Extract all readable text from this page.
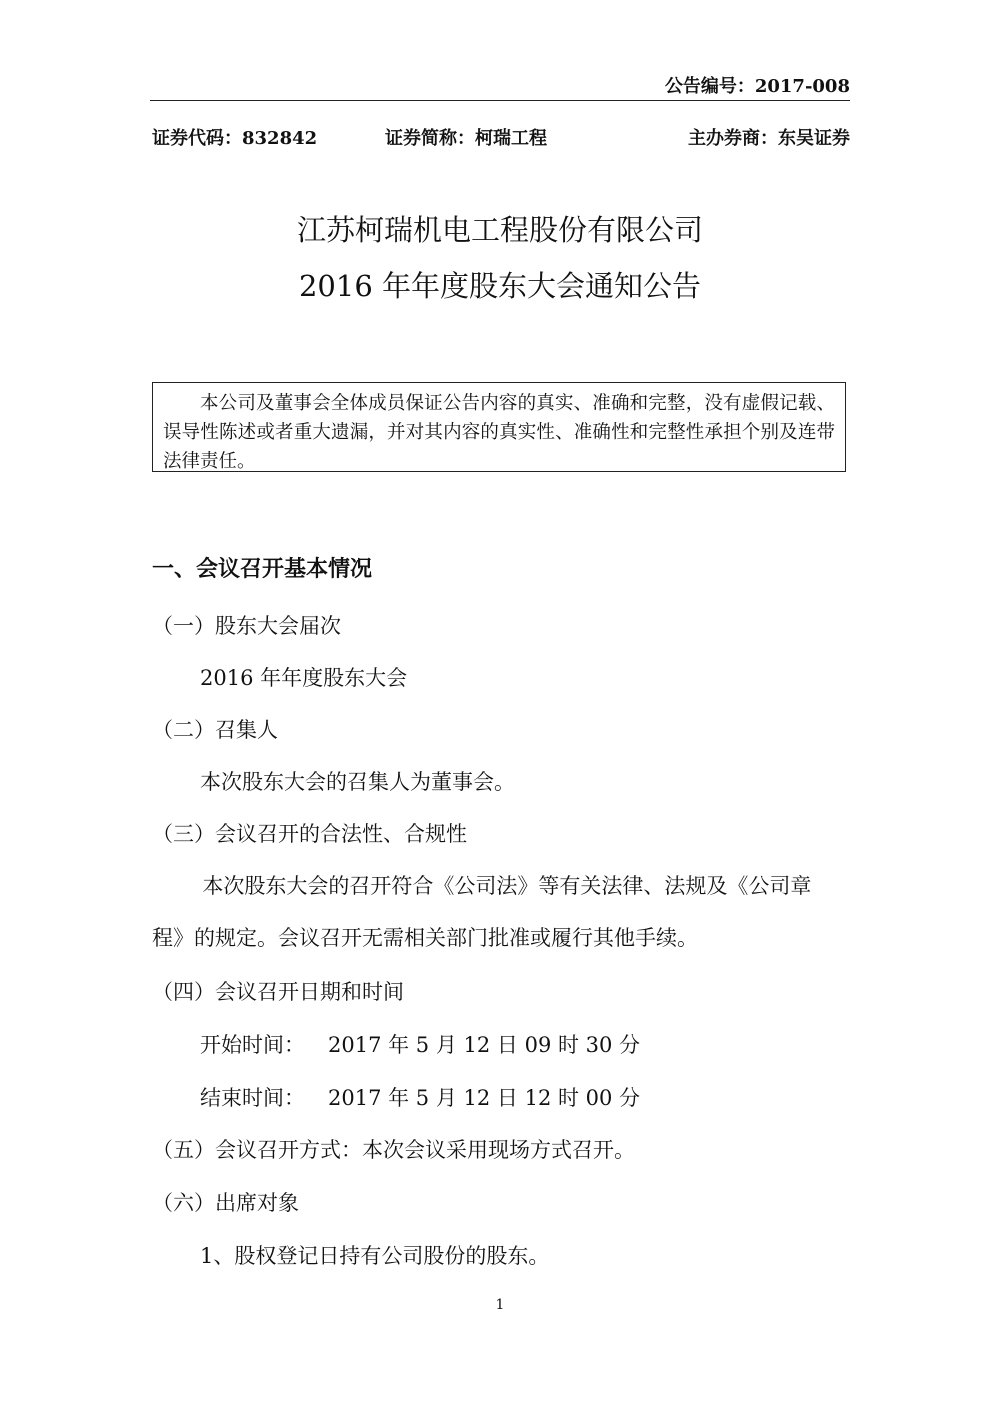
公告编号：2017-008
证券代码：832842	证券简称：柯瑞工程	主办券商：东吴证券
江苏柯瑞机电工程股份有限公司
2016 年年度股东大会通知公告

本公司及董事会全体成员保证公告内容的真实、准确和完整，没有虚假记载、误导性陈述或者重大遗漏，并对其内容的真实性、准确性和完整性承担个别及连带法律责任。

一、会议召开基本情况
（一）股东大会届次
2016 年年度股东大会
（二）召集人
本次股东大会的召集人为董事会。
（三）会议召开的合法性、合规性

本次股东大会的召开符合《公司法》等有关法律、法规及《公司章程》的规定。会议召开无需相关部门批准或履行其他手续。

（四）会议召开日期和时间
开始时间： 2017 年 5 月 12 日 09 时 30 分
结束时间： 2017 年 5 月 12 日 12 时 00 分
（五）会议召开方式：本次会议采用现场方式召开。
（六）出席对象
1、股权登记日持有公司股份的股东。
1
